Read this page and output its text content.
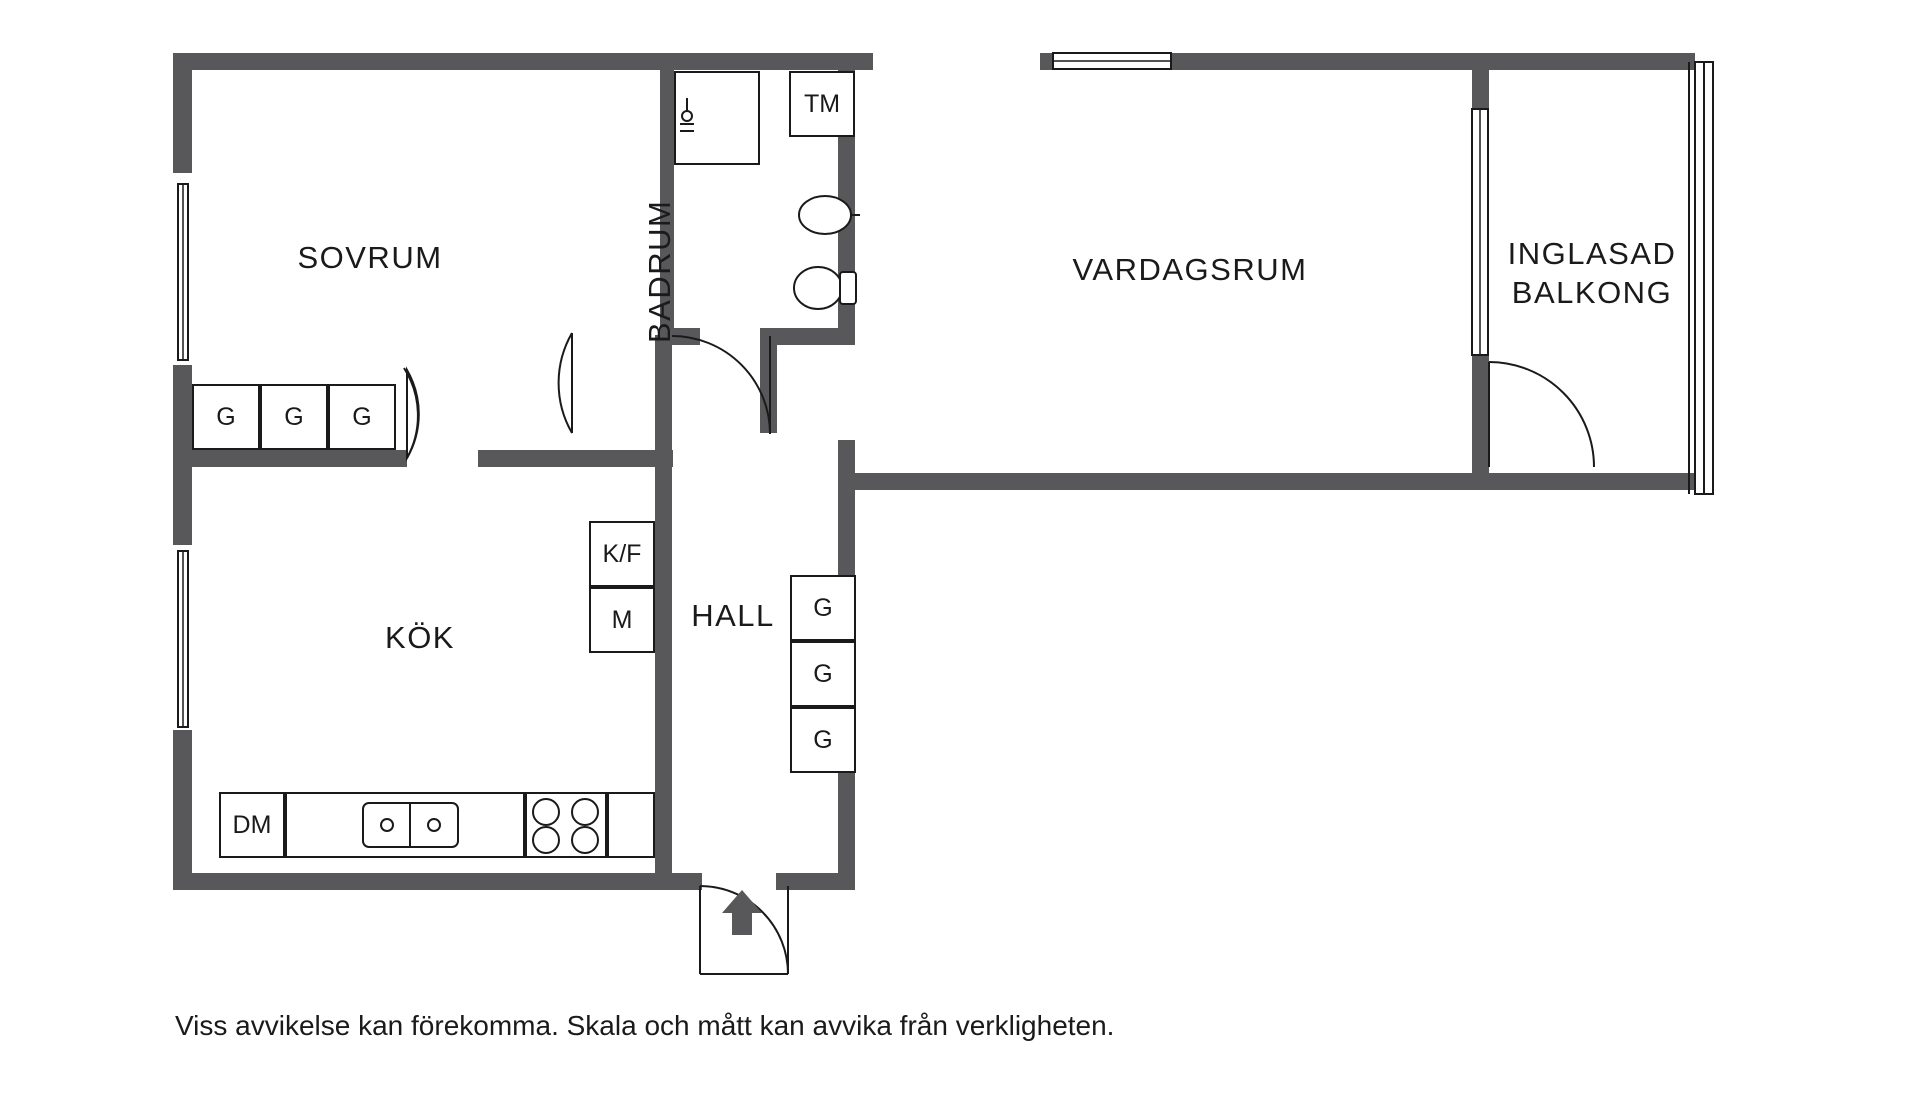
G G G
G
G
G
TM
K/F
M
DM
SOVRUM	BADRUM	VARDAGSRUM	INGLASAD
BALKONG
KÖK
HALL
Viss avvikelse kan förekomma. Skala och mått kan avvika från verkligheten.
